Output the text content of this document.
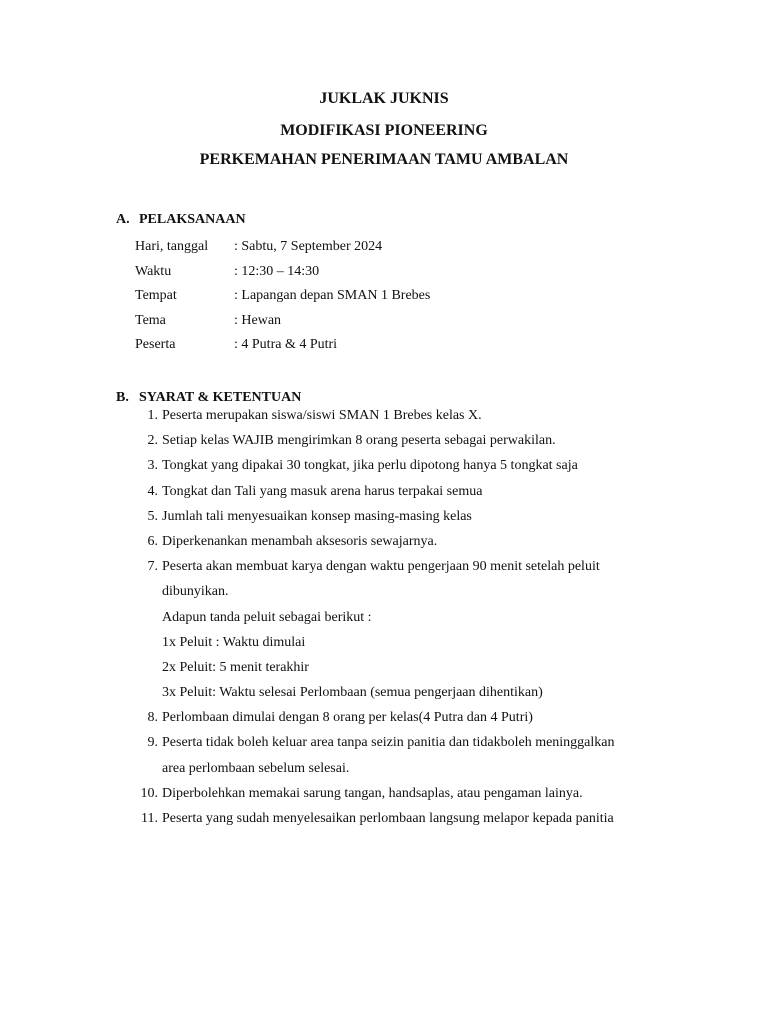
JUKLAK JUKNIS
MODIFIKASI PIONEERING
PERKEMAHAN PENERIMAAN TAMU AMBALAN
A. PELAKSANAAN
Hari, tanggal	: Sabtu, 7 September 2024
Waktu	: 12:30 – 14:30
Tempat	: Lapangan depan SMAN 1 Brebes
Tema	: Hewan
Peserta	: 4 Putra & 4 Putri
B. SYARAT & KETENTUAN
1. Peserta merupakan siswa/siswi SMAN 1 Brebes kelas X.
2. Setiap kelas WAJIB mengirimkan 8 orang peserta sebagai perwakilan.
3. Tongkat yang dipakai 30 tongkat, jika perlu dipotong hanya 5 tongkat saja
4. Tongkat dan Tali yang masuk arena harus terpakai semua
5. Jumlah tali menyesuaikan konsep masing-masing kelas
6. Diperkenankan menambah aksesoris sewajarnya.
7. Peserta akan membuat karya dengan waktu pengerjaan 90 menit setelah peluit
dibunyikan.
Adapun tanda peluit sebagai berikut :
1x Peluit : Waktu dimulai
2x Peluit: 5 menit terakhir
3x Peluit: Waktu selesai Perlombaan (semua pengerjaan dihentikan)
8. Perlombaan dimulai dengan 8 orang per kelas(4 Putra dan 4 Putri)
9. Peserta tidak boleh keluar area tanpa seizin panitia dan tidakboleh meninggalkan
area perlombaan sebelum selesai.
10. Diperbolehkan memakai sarung tangan, handsaplas, atau pengaman lainya.
11. Peserta yang sudah menyelesaikan perlombaan langsung melapor kepada panitia
